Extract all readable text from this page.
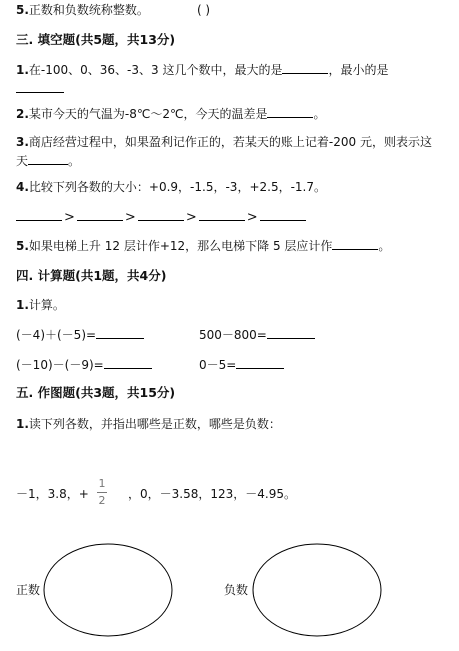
5.正数和负数统称整数。	( )
三. 填空题(共5题，共13分)
1.在-100、0、36、-3、3 这几个数中，最大的是	，最小的是
2.某市今天的气温为-8℃～2℃，今天的温差是	。
3.商店经营过程中，如果盈利记作正的，若某天的账上记着-200 元，则表示这
天	。
4.比较下列各数的大小：+0.9，-1.5，-3，+2.5，-1.7。
>	>	>	>
5.如果电梯上升 12 层计作+12，那么电梯下降 5 层应计作	。
四. 计算题(共1题，共4分)
1.计算。
(－4)＋(－5)=	500－800=
(－10)－(－9)=	0－5=
五. 作图题(共3题，共15分)
1.读下列各数，并指出哪些是正数，哪些是负数：
－1，3.8，+
1
2 ，0，－3.58，123，－4.95。
正数	负数
